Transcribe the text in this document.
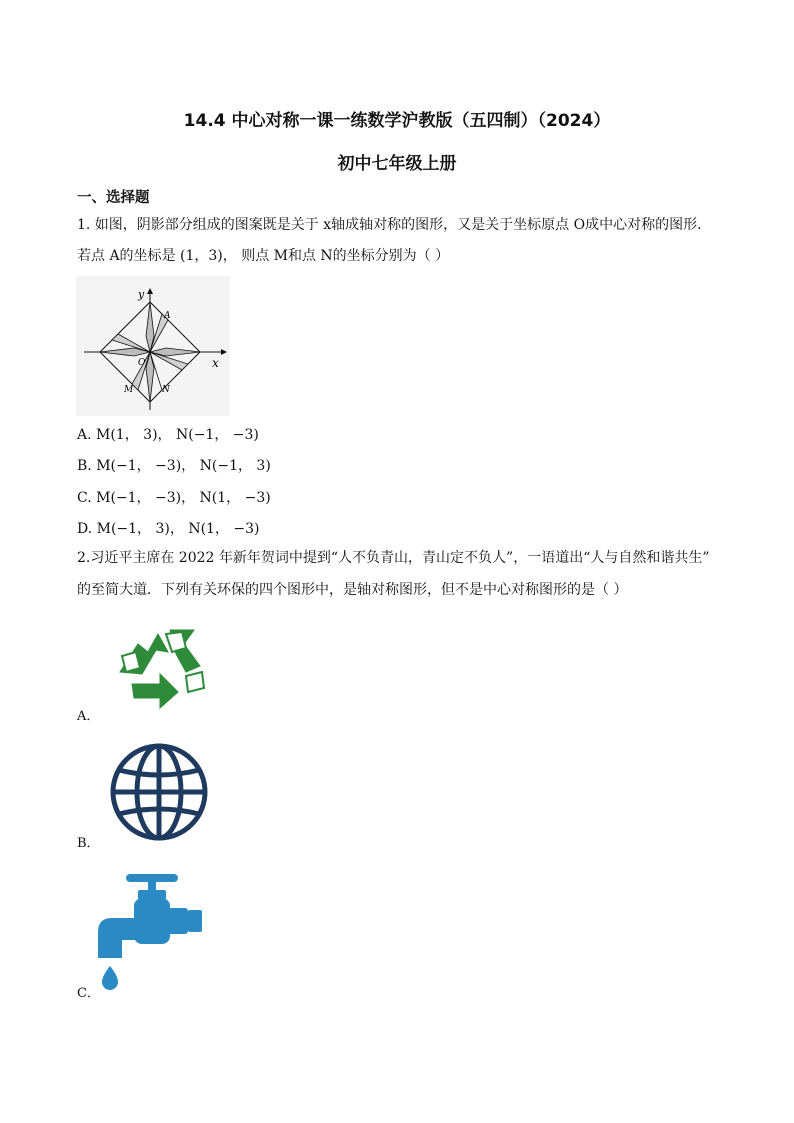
14.4 中心对称一课一练数学沪教版（五四制）（2024）
初中七年级上册
一、选择题
1. 如图，阴影部分组成的图案既是关于 x轴成轴对称的图形，又是关于坐标原点 O成中心对称的图形.
若点 A的坐标是 (1，3)， 则点 M和点 N的坐标分别为（ ）
y
x
O
A
M	N
A. M(1， 3)， N(−1， −3)
B. M(−1， −3)， N(−1， 3)
C. M(−1， −3)， N(1， −3)
D. M(−1， 3)， N(1， −3)
2.习近平主席在 2022 年新年贺词中提到“人不负青山，青山定不负人”，一语道出“人与自然和谐共生”
的至简大道．下列有关环保的四个图形中，是轴对称图形，但不是中心对称图形的是（ ）
A．
B．
C．
